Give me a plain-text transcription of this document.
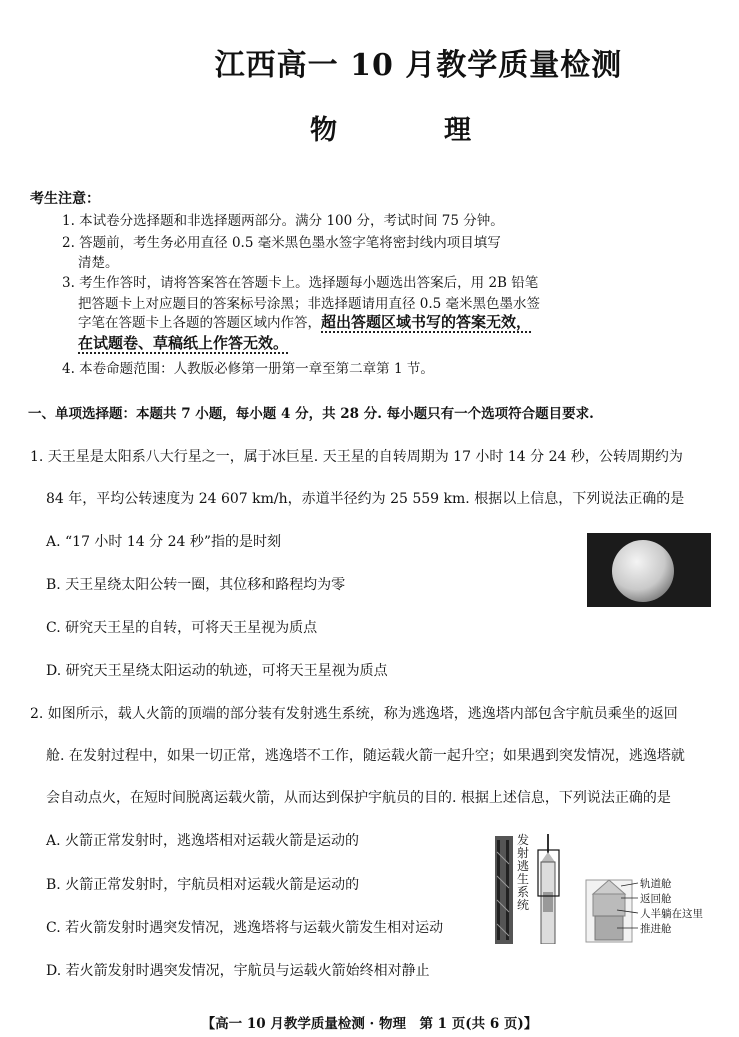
江西高一 10 月教学质量检测
物　理
考生注意：
1. 本试卷分选择题和非选择题两部分。满分 100 分，考试时间 75 分钟。
2. 答题前，考生务必用直径 0.5 毫米黑色墨水签字笔将密封线内项目填写
清楚。
3. 考生作答时，请将答案答在答题卡上。选择题每小题选出答案后，用 2B 铅笔
把答题卡上对应题目的答案标号涂黑；非选择题请用直径 0.5 毫米黑色墨水签
字笔在答题卡上各题的答题区域内作答，超出答题区域书写的答案无效，
在试题卷、草稿纸上作答无效。
4. 本卷命题范围：人教版必修第一册第一章至第二章第 1 节。
一、单项选择题：本题共 7 小题，每小题 4 分，共 28 分. 每小题只有一个选项符合题目要求.
1. 天王星是太阳系八大行星之一，属于冰巨星. 天王星的自转周期为 17 小时 14 分 24 秒，公转周期约为
84 年，平均公转速度为 24 607 km/h，赤道半径约为 25 559 km. 根据以上信息，下列说法正确的是
A. “17 小时 14 分 24 秒”指的是时刻
B. 天王星绕太阳公转一圈，其位移和路程均为零
C. 研究天王星的自转，可将天王星视为质点
D. 研究天王星绕太阳运动的轨迹，可将天王星视为质点
2. 如图所示，载人火箭的顶端的部分装有发射逃生系统，称为逃逸塔，逃逸塔内部包含宇航员乘坐的返回
舱. 在发射过程中，如果一切正常，逃逸塔不工作，随运载火箭一起升空；如果遇到突发情况，逃逸塔就
会自动点火，在短时间脱离运载火箭，从而达到保护宇航员的目的. 根据上述信息，下列说法正确的是
A. 火箭正常发射时，逃逸塔相对运载火箭是运动的
B. 火箭正常发射时，宇航员相对运载火箭是运动的
C. 若火箭发射时遇突发情况，逃逸塔将与运载火箭发生相对运动
D. 若火箭发射时遇突发情况，宇航员与运载火箭始终相对静止
发射逃生系统
轨道舱
返回舱
人半躺在这里
推进舱
【高一 10 月教学质量检测 · 物理　第 1 页(共 6 页)】
